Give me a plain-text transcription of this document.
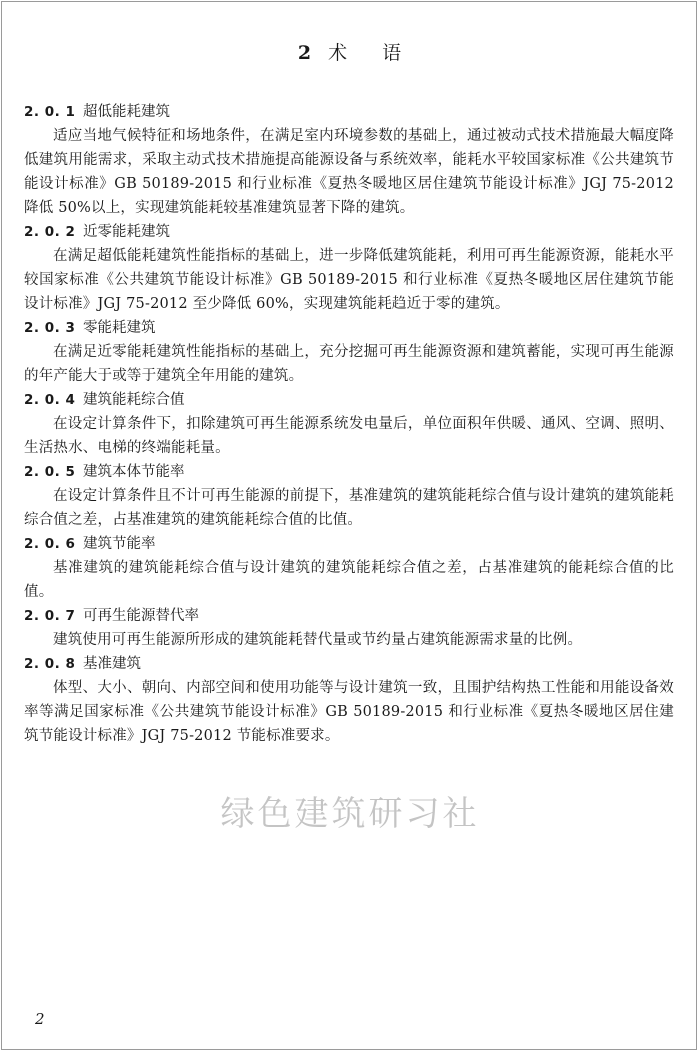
2 术 语
2. 0. 1 超低能耗建筑

适应当地气候特征和场地条件，在满足室内环境参数的基础上，通过被动式技术措施最大幅度降低建筑用能需求，采取主动式技术措施提高能源设备与系统效率，能耗水平较国家标准《公共建筑节能设计标准》GB 50189-2015 和行业标准《夏热冬暖地区居住建筑节能设计标准》JGJ 75-2012 降低 50%以上，实现建筑能耗较基准建筑显著下降的建筑。

2. 0. 2 近零能耗建筑

在满足超低能耗建筑性能指标的基础上，进一步降低建筑能耗，利用可再生能源资源，能耗水平较国家标准《公共建筑节能设计标准》GB 50189-2015 和行业标准《夏热冬暖地区居住建筑节能设计标准》JGJ 75-2012 至少降低 60%，实现建筑能耗趋近于零的建筑。

2. 0. 3 零能耗建筑

在满足近零能耗建筑性能指标的基础上，充分挖掘可再生能源资源和建筑蓄能，实现可再生能源的年产能大于或等于建筑全年用能的建筑。

2. 0. 4 建筑能耗综合值

在设定计算条件下，扣除建筑可再生能源系统发电量后，单位面积年供暖、通风、空调、照明、生活热水、电梯的终端能耗量。

2. 0. 5 建筑本体节能率

在设定计算条件且不计可再生能源的前提下，基准建筑的建筑能耗综合值与设计建筑的建筑能耗综合值之差，占基准建筑的建筑能耗综合值的比值。

2. 0. 6 建筑节能率

基准建筑的建筑能耗综合值与设计建筑的建筑能耗综合值之差，占基准建筑的能耗综合值的比值。

2. 0. 7 可再生能源替代率

建筑使用可再生能源所形成的建筑能耗替代量或节约量占建筑能源需求量的比例。

2. 0. 8 基准建筑

体型、大小、朝向、内部空间和使用功能等与设计建筑一致，且围护结构热工性能和用能设备效率等满足国家标准《公共建筑节能设计标准》GB 50189-2015 和行业标准《夏热冬暖地区居住建筑节能设计标准》JGJ 75-2012 节能标准要求。

绿色建筑研习社
2
